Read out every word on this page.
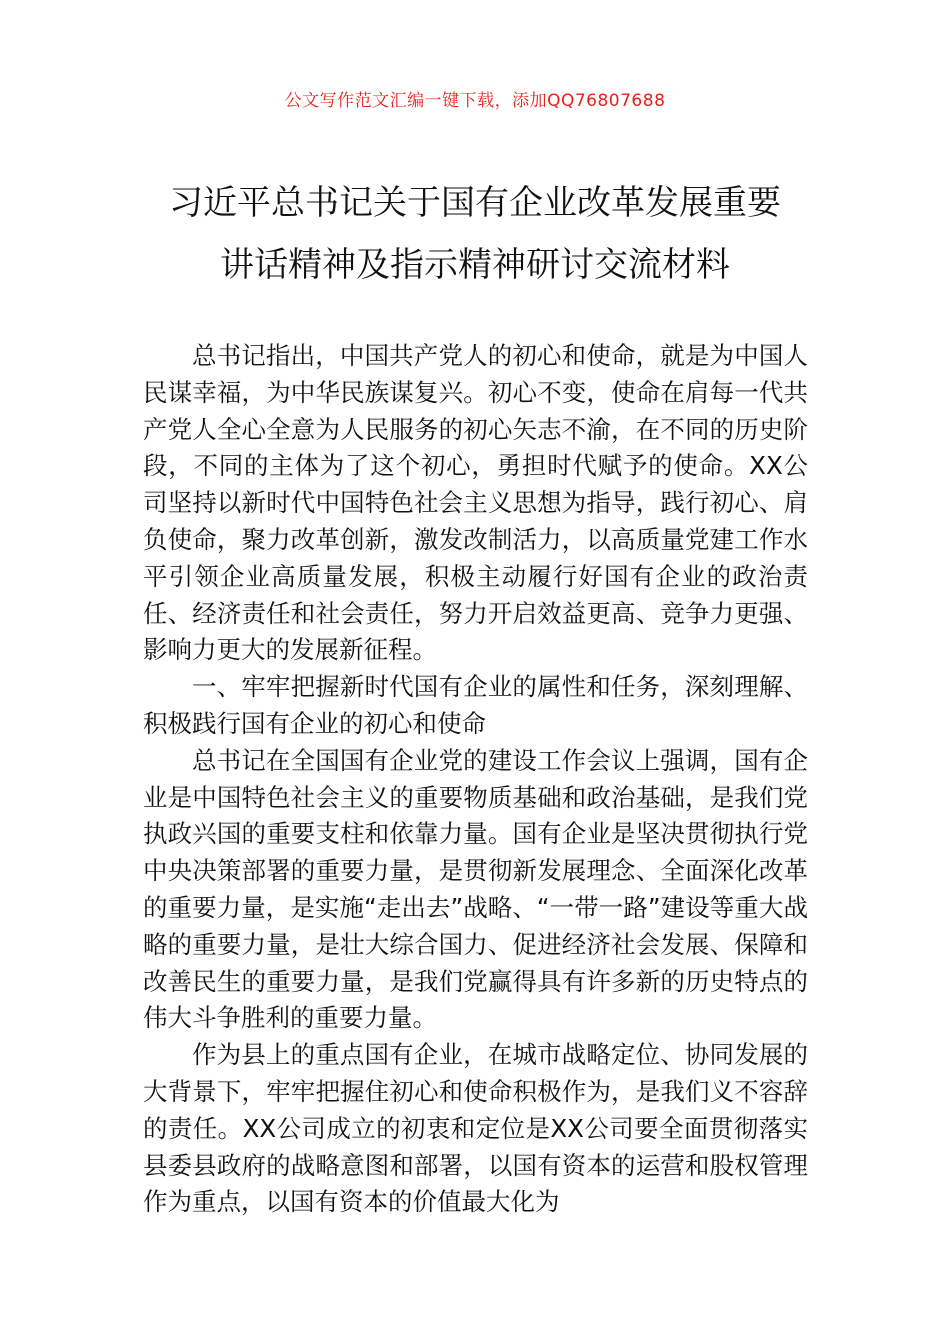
公文写作范文汇编一键下载，添加QQ76807688
习近平总书记关于国有企业改革发展重要
讲话精神及指示精神研讨交流材料

总书记指出，中国共产党人的初心和使命，就是为中国人民谋幸福，为中华民族谋复兴。初心不变，使命在肩每一代共产党人全心全意为人民服务的初心矢志不渝，在不同的历史阶段，不同的主体为了这个初心，勇担时代赋予的使命。XX公司坚持以新时代中国特色社会主义思想为指导，践行初心、肩负使命，聚力改革创新，激发改制活力，以高质量党建工作水平引领企业高质量发展，积极主动履行好国有企业的政治责任、经济责任和社会责任，努力开启效益更高、竞争力更强、影响力更大的发展新征程。

一、牢牢把握新时代国有企业的属性和任务，深刻理解、积极践行国有企业的初心和使命

总书记在全国国有企业党的建设工作会议上强调，国有企业是中国特色社会主义的重要物质基础和政治基础，是我们党执政兴国的重要支柱和依靠力量。国有企业是坚决贯彻执行党中央决策部署的重要力量，是贯彻新发展理念、全面深化改革的重要力量，是实施“走出去”战略、“一带一路”建设等重大战略的重要力量，是壮大综合国力、促进经济社会发展、保障和改善民生的重要力量，是我们党赢得具有许多新的历史特点的伟大斗争胜利的重要力量。

作为县上的重点国有企业，在城市战略定位、协同发展的大背景下，牢牢把握住初心和使命积极作为，是我们义不容辞的责任。XX公司成立的初衷和定位是XX公司要全面贯彻落实县委县政府的战略意图和部署，以国有资本的运营和股权管理作为重点，以国有资本的价值最大化为
